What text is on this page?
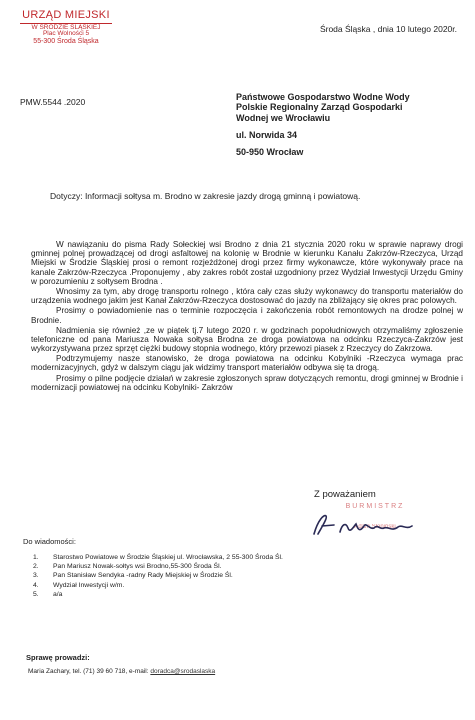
URZĄD MIEJSKI
W ŚRODZIE ŚLĄSKIEJ
Plac Wolności 5
55-300 Środa Śląska
Środa Śląska , dnia 10 lutego 2020r.
PMW.5544 .2020	Państwowe Gospodarstwo Wodne Wody
Polskie Regionalny Zarząd Gospodarki
Wodnej we Wrocławiu
ul. Norwida 34
50-950 Wrocław
Dotyczy: Informacji sołtysa m. Brodno w zakresie jazdy drogą gminną i powiatową.

W nawiązaniu do pisma Rady Sołeckiej wsi Brodno z dnia 21 stycznia 2020 roku w sprawie naprawy drogi gminnej polnej prowadzącej od drogi asfaltowej na kolonię w Brodnie w kierunku Kanału Zakrzów-Rzeczyca, Urząd Miejski w Środzie Śląskiej prosi o remont rozjeżdżonej drogi przez firmy wykonawcze, które wykonywały prace na kanale Zakrzów-Rzeczyca .Proponujemy , aby zakres robót został uzgodniony przez Wydział Inwestycji Urzędu Gminy w porozumieniu z sołtysem Brodna .

Wnosimy za tym, aby drogę transportu rolnego , która cały czas służy wykonawcy do transportu materiałów do urządzenia wodnego jakim jest Kanał Zakrzów-Rzeczyca dostosować do jazdy na zbliżający się okres prac polowych.

Prosimy o powiadomienie nas o terminie rozpoczęcia i zakończenia robót remontowych na drodze polnej w Brodnie.

Nadmienia się również ,ze w piątek tj.7 lutego 2020 r. w godzinach popołudniowych otrzymaliśmy zgłoszenie telefoniczne od pana Mariusza Nowaka sołtysa Brodna ze droga powiatowa na odcinku Rzeczyca-Zakrzów jest wykorzystywana przez sprzęt ciężki budowy stopnia wodnego, który przewozi piasek z Rzeczycy do Zakrzowa.

Podtrzymujemy nasze stanowisko, że droga powiatowa na odcinku Kobylniki -Rzeczyca wymaga prac modernizacyjnych, gdyż w dalszym ciągu jak widzimy transport materiałów odbywa się ta drogą.

Prosimy o pilne podjęcie działań w zakresie zgłoszonych spraw dotyczących remontu, drogi gminnej w Brodnie i modernizacji powiatowej na odcinku Kobylniki- Zakrzów

Z poważaniem
BURMISTRZ
Adam Słoniński
Do wiadomości:
1.	Starostwo Powiatowe w Środzie Śląskiej ul. Wrocławska, 2 55-300 Środa Śl.
2.	Pan Mariusz Nowak-sołtys wsi Brodno,55-300 Środa Śl.
3.	Pan Stanisław Sendyka -radny Rady Miejskiej w Środzie Śl.
4.	Wydział Inwestycji w/m.
5.	a/a
Sprawę prowadzi:
Maria Zachary, tel. (71) 39 60 718, e-mail: doradca@srodaslaska
